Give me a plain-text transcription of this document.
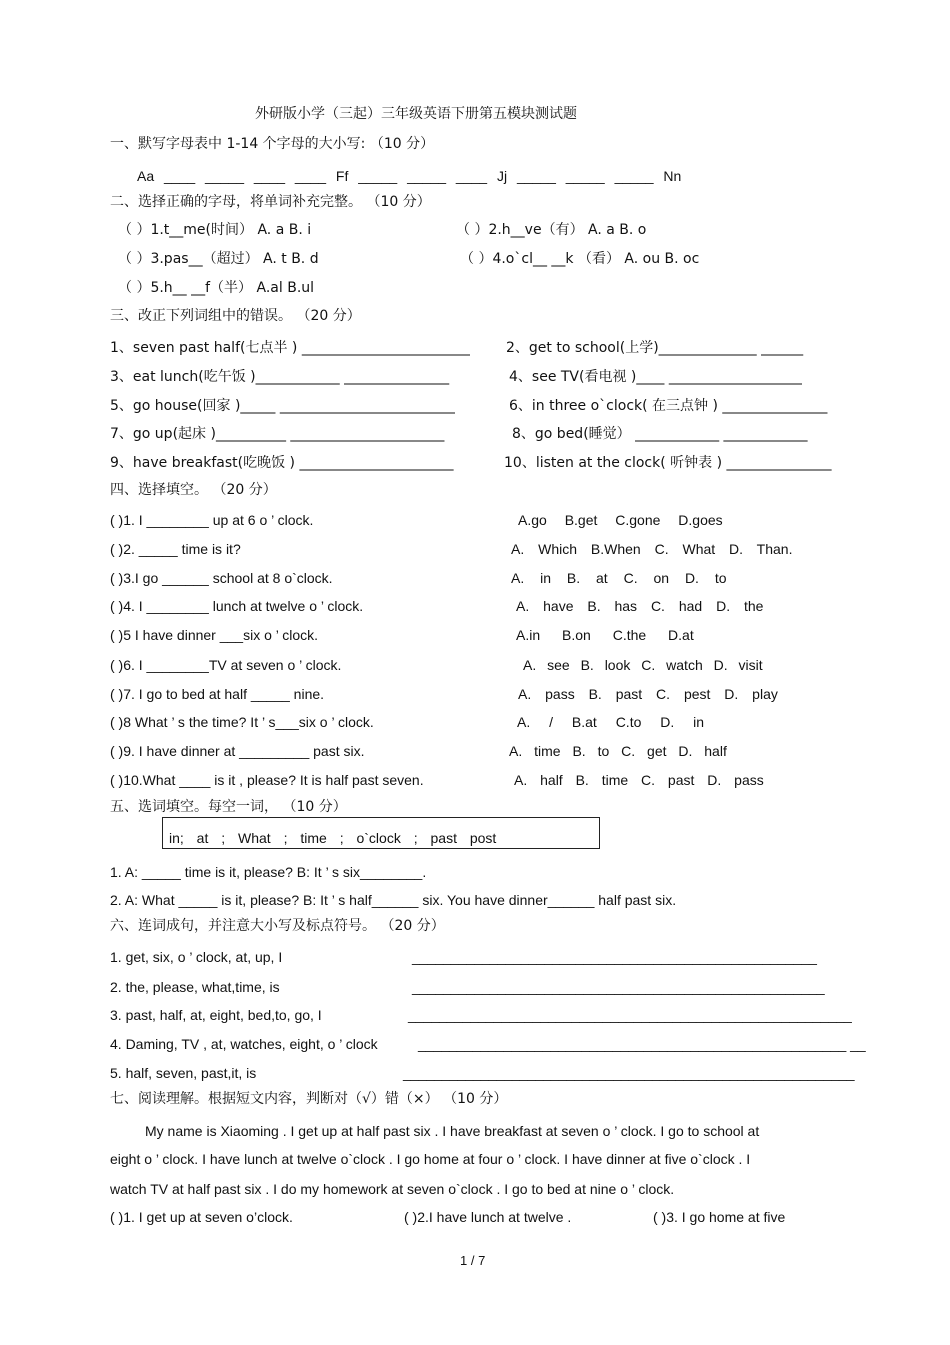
外研版小学（三起）三年级英语下册第五模块测试题
一、默写字母表中 1-14 个字母的大小写: （10 分）
Aa ____ _____ ____ ____ Ff _____ _____ ____ Jj _____ _____ _____ Nn
二、选择正确的字母，将单词补充完整。 （10 分）
（ ）1.t__me(时间） A. a B. i	（ ）2.h__ve（有） A. a B. o
（ ）3.pas__（超过） A. t B. d	（ ）4.o`cl__ __k （看） A. ou B. oc
（ ）5.h__ __f（半） A.al B.ul
三、改正下列词组中的错误。 （20 分）
1、seven past half(七点半 ) ________________________	2、get to school(上学)______________ ______
3、eat lunch(吃午饭 )____________ _______________	4、see TV(看电视 )____ ___________________
5、go house(回家 )_____ _________________________	6、in three o`clock( 在三点钟 ) _______________
7、go up(起床 )__________ ______________________	8、go bed(睡觉） ____________ ____________
9、have breakfast(吃晚饭 ) ______________________	10、listen at the clock( 听钟表 ) _______________
四、选择填空。 （20 分）
( )1. I ________ up at 6 o ’ clock.	A.go B.get C.gone D.goes
( )2. _____ time is it?	A. Which B.When C. What D. Than.
( )3.I go ______ school at 8 o`clock.	A. in B. at C. on D. to
( )4. I ________ lunch at twelve o ’ clock.	A. have B. has C. had D. the
( )5 I have dinner ___six o ’ clock.	A.in B.on C.the D.at
( )6. I ________TV at seven o ’ clock.	A. see B. look C. watch D. visit
( )7. I go to bed at half _____ nine.	A. pass B. past C. pest D. play
( )8 What ’ s the time? It ’ s___six o ’ clock.	A. / B.at C.to D. in
( )9. I have dinner at _________ past six.	A. time B. to C. get D. half
( )10.What ____ is it , please? It is half past seven.	A. half B. time C. past D. pass
五、选词填空。每空一词， （10 分）
in; at ; What ; time ; o`clock ; past post
1. A: _____ time is it, please? B: It ’ s six________.
2. A: What _____ is it, please? B: It ’ s half______ six. You have dinner______ half past six.
六、连词成句，并注意大小写及标点符号。 （20 分）
1. get, six, o ’ clock, at, up, I	____________________________________________________
2. the, please, what,time, is	_____________________________________________________
3. past, half, at, eight, bed,to, go, I	_________________________________________________________
4. Daming, TV , at, watches, eight, o ’ clock	_______________________________________________________ __
5. half, seven, past,it, is	__________________________________________________________
七、阅读理解。根据短文内容，判断对（√）错（×） （10 分）
My name is Xiaoming . I get up at half past six . I have breakfast at seven o ’ clock. I go to school at
eight o ’ clock. I have lunch at twelve o`clock . I go home at four o ’ clock. I have dinner at five o`clock . I
watch TV at half past six . I do my homework at seven o`clock . I go to bed at nine o ’ clock.
( )1. I get up at seven o’clock.	( )2.I have lunch at twelve .	( )3. I go home at five
1 / 7
